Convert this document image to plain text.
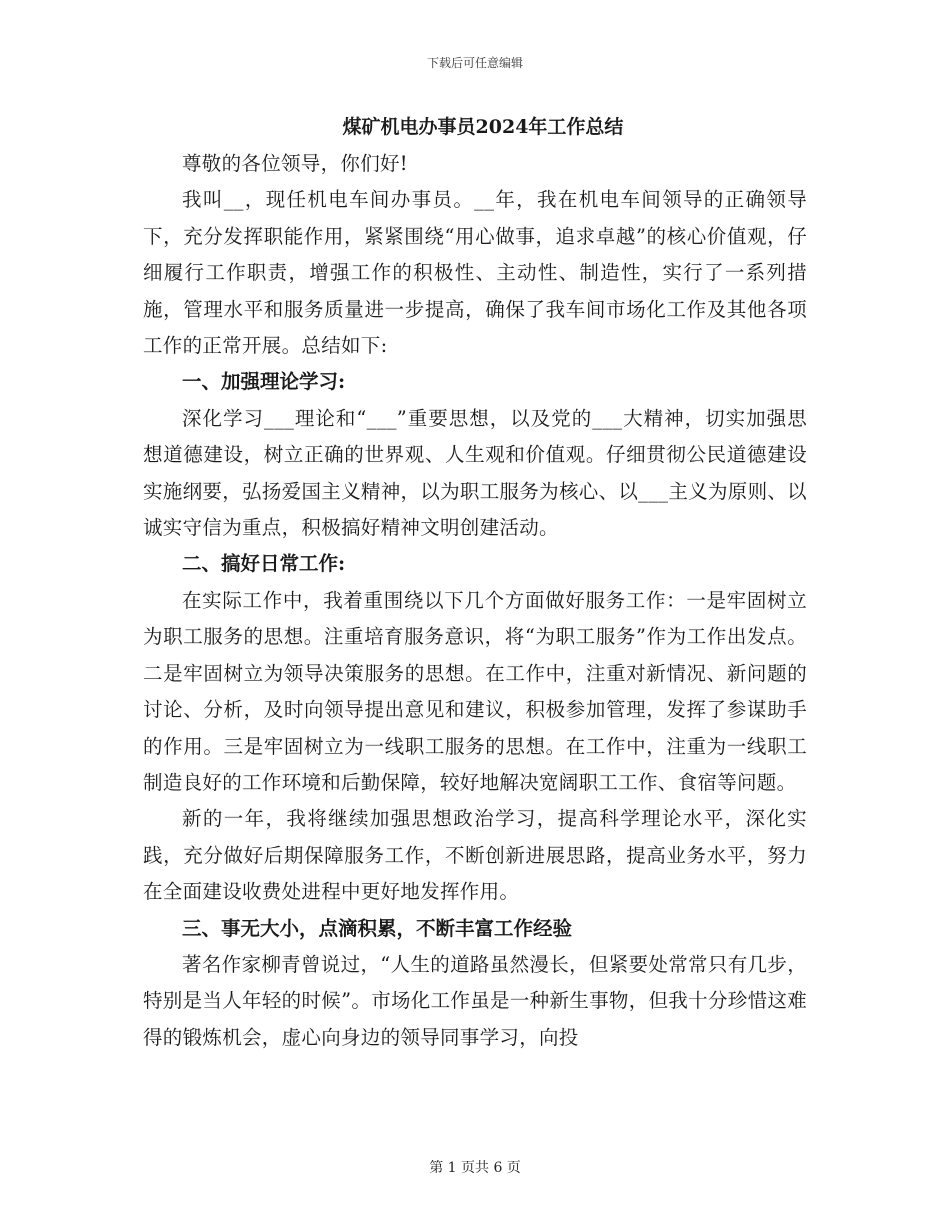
下载后可任意编辑
煤矿机电办事员2024年工作总结

尊敬的各位领导，你们好!

我叫__，现任机电车间办事员。__年，我在机电车间领导的正确领导下，充分发挥职能作用，紧紧围绕“用心做事，追求卓越”的核心价值观，仔细履行工作职责，增强工作的积极性、主动性、制造性，实行了一系列措施，管理水平和服务质量进一步提高，确保了我车间市场化工作及其他各项工作的正常开展。总结如下:

一、加强理论学习:

深化学习___理论和“___”重要思想，以及党的___大精神，切实加强思想道德建设，树立正确的世界观、人生观和价值观。仔细贯彻公民道德建设实施纲要，弘扬爱国主义精神，以为职工服务为核心、以___主义为原则、以诚实守信为重点，积极搞好精神文明创建活动。

二、搞好日常工作:

在实际工作中，我着重围绕以下几个方面做好服务工作：一是牢固树立为职工服务的思想。注重培育服务意识，将“为职工服务”作为工作出发点。二是牢固树立为领导决策服务的思想。在工作中，注重对新情况、新问题的讨论、分析，及时向领导提出意见和建议，积极参加管理，发挥了参谋助手的作用。三是牢固树立为一线职工服务的思想。在工作中，注重为一线职工制造良好的工作环境和后勤保障，较好地解决宽阔职工工作、食宿等问题。

新的一年，我将继续加强思想政治学习，提高科学理论水平，深化实践，充分做好后期保障服务工作，不断创新进展思路，提高业务水平，努力在全面建设收费处进程中更好地发挥作用。

三、事无大小，点滴积累，不断丰富工作经验

著名作家柳青曾说过，“人生的道路虽然漫长，但紧要处常常只有几步，特别是当人年轻的时候”。市场化工作虽是一种新生事物，但我十分珍惜这难得的锻炼机会，虚心向身边的领导同事学习，向投

第 1 页共 6 页
